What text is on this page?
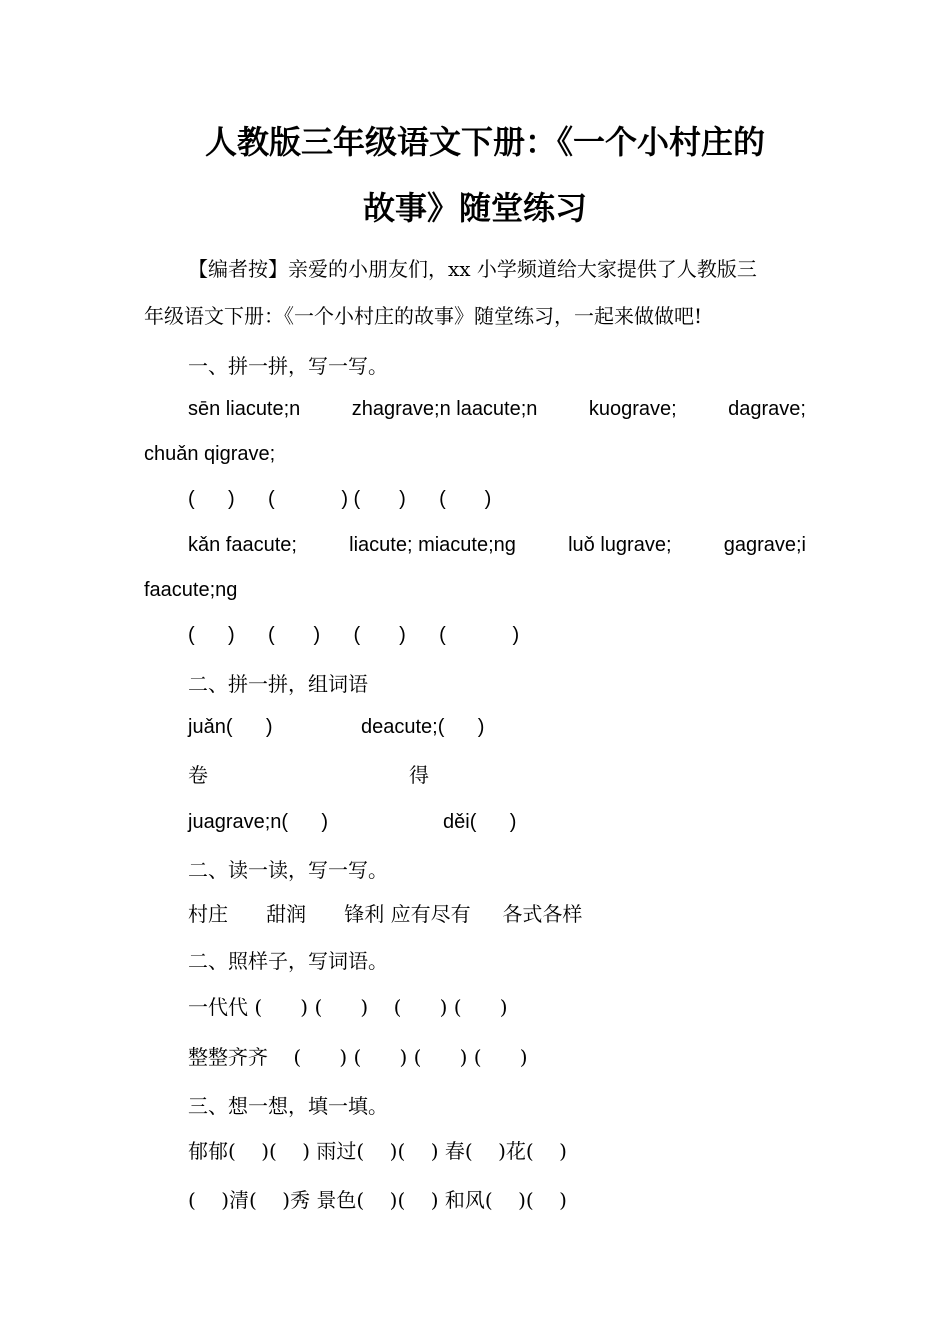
人教版三年级语文下册：《一个小村庄的
故事》随堂练习
【编者按】亲爱的小朋友们，xx 小学频道给大家提供了人教版三
年级语文下册：《一个小村庄的故事》随堂练习，一起来做做吧!
一、拼一拼，写一写。
sēn liacute;n	zhagrave;n laacute;n	kuograve;	dagrave;
chuǎn qigrave;
(      )      (            ) (       )      (       )
kǎn faacute;	liacute; miacute;ng	luǒ lugrave;	gagrave;i
faacute;ng
(      )      (       )      (       )      (            )
二、拼一拼，组词语
juǎn(      )	deacute;(      )
卷	得
juagrave;n(      )	děi(      )
二、读一读，写一写。
村庄      甜润      锋利 应有尽有     各式各样
二、照样子，写词语。
一代代 (      ) (      )    (      ) (      )
整整齐齐    (      ) (      ) (      ) (      )
三、想一想，填一填。
郁郁(    )(    ) 雨过(    )(    ) 春(    )花(    )
(    )清(    )秀 景色(    )(    ) 和风(    )(    )
